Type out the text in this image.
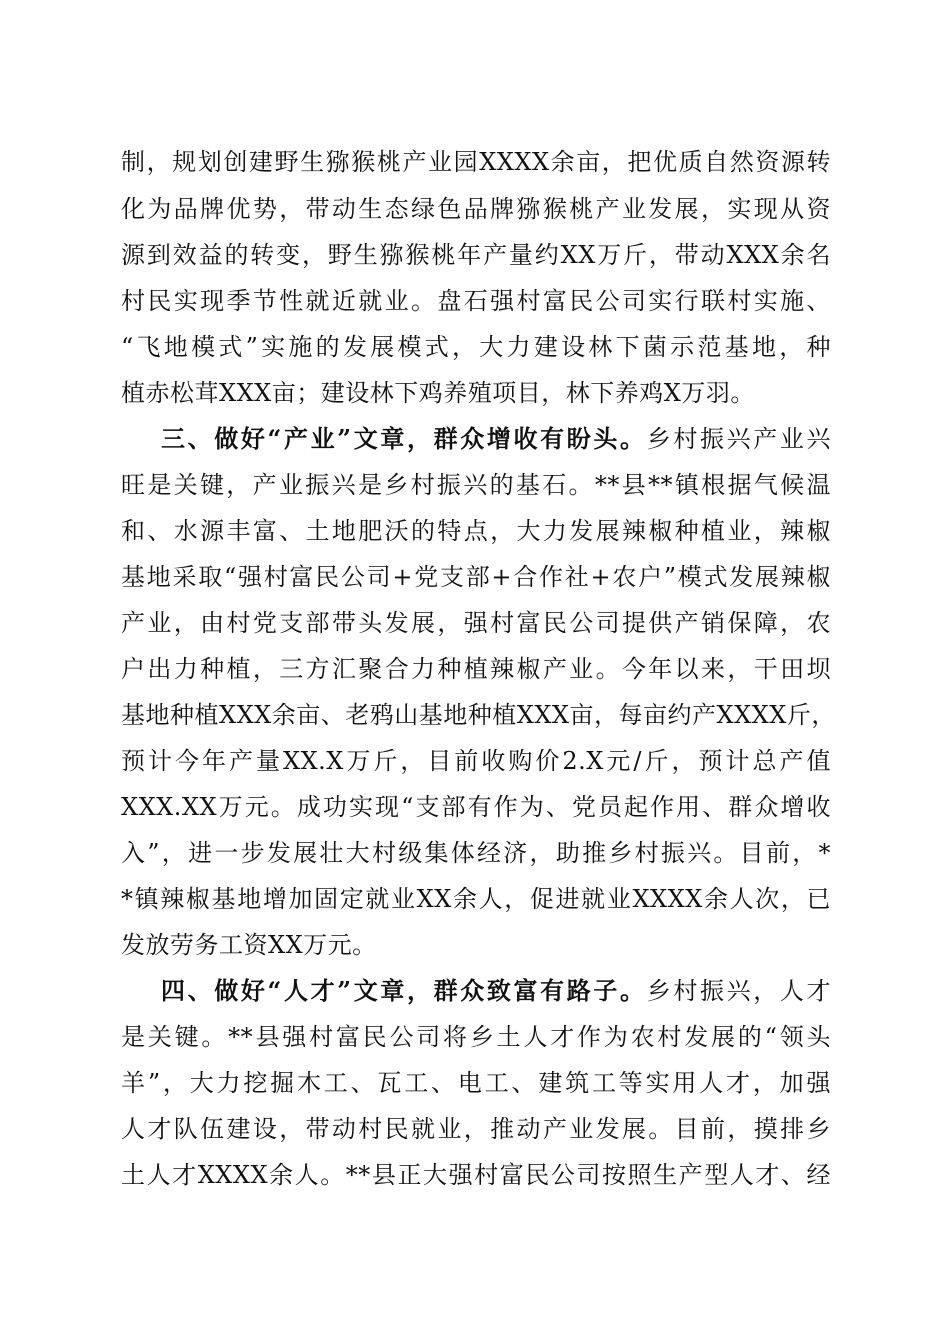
制，规划创建野生猕猴桃产业园XXXX余亩，把优质自然资源转
化为品牌优势，带动生态绿色品牌猕猴桃产业发展，实现从资
源到效益的转变，野生猕猴桃年产量约XX万斤，带动XXX余名
村民实现季节性就近就业。盘石强村富民公司实行联村实施、
“飞地模式”实施的发展模式，大力建设林下菌示范基地，种
植赤松茸XXX亩；建设林下鸡养殖项目，林下养鸡X万羽。
三、做好“产业”文章，群众增收有盼头。乡村振兴产业兴
旺是关键，产业振兴是乡村振兴的基石。**县**镇根据气候温
和、水源丰富、土地肥沃的特点，大力发展辣椒种植业，辣椒
基地采取“强村富民公司+党支部+合作社+农户”模式发展辣椒
产业，由村党支部带头发展，强村富民公司提供产销保障，农
户出力种植，三方汇聚合力种植辣椒产业。今年以来，干田坝
基地种植XXX余亩、老鸦山基地种植XXX亩，每亩约产XXXX斤，
预计今年产量XX.X万斤，目前收购价2.X元/斤，预计总产值
XXX.XX万元。成功实现“支部有作为、党员起作用、群众增收
入”，进一步发展壮大村级集体经济，助推乡村振兴。目前，*
*镇辣椒基地增加固定就业XX余人，促进就业XXXX余人次，已
发放劳务工资XX万元。
四、做好“人才”文章，群众致富有路子。乡村振兴，人才
是关键。**县强村富民公司将乡土人才作为农村发展的“领头
羊”，大力挖掘木工、瓦工、电工、建筑工等实用人才，加强
人才队伍建设，带动村民就业，推动产业发展。目前，摸排乡
土人才XXXX余人。**县正大强村富民公司按照生产型人才、经
